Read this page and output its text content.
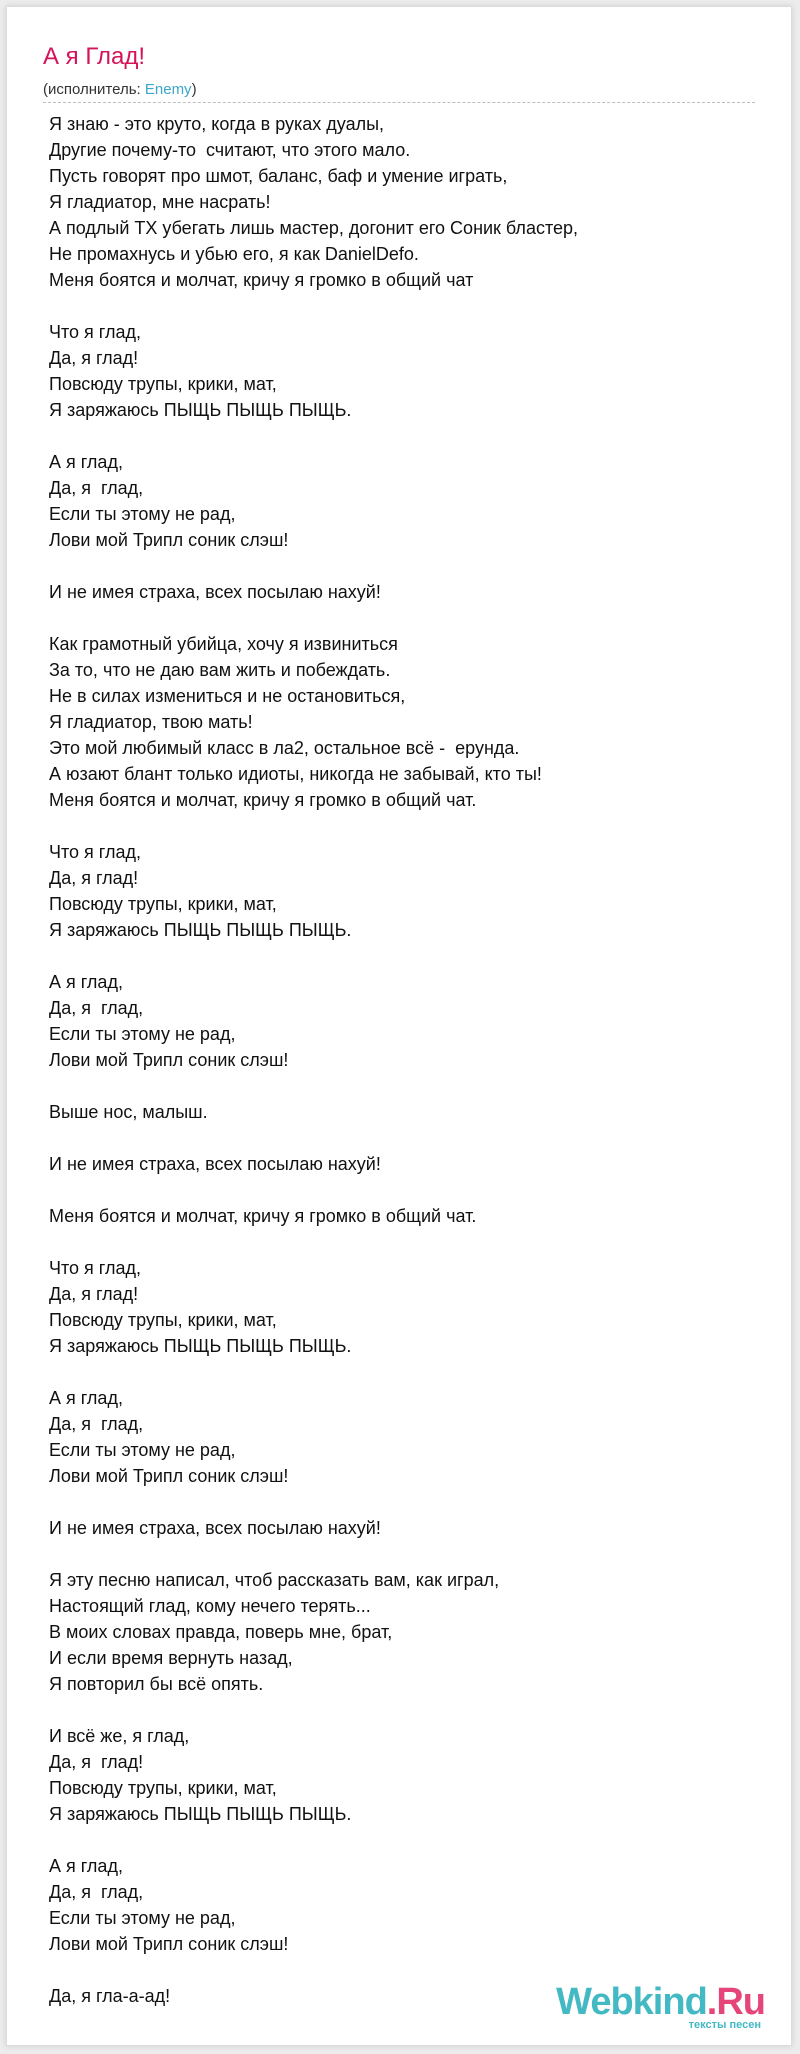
А я Глад!
(исполнитель: Enemy)
Я знаю - это круто, когда в руках дуалы,
Другие почему-то  считают, что этого мало.
Пусть говорят про шмот, баланс, баф и умение играть,
Я гладиатор, мне насрать!
А подлый ТХ убегать лишь мастер, догонит его Соник бластер,
Не промахнусь и убью его, я как DanielDefo.
Меня боятся и молчат, кричу я громко в общий чат
Что я глад,
Да, я глад!
Повсюду трупы, крики, мат,
Я заряжаюсь ПЫЩЬ ПЫЩЬ ПЫЩЬ.
А я глад,
Да, я  глад,
Если ты этому не рад,
Лови мой Трипл соник слэш!
И не имея страха, всех посылаю нахуй!
Как грамотный убийца, хочу я извиниться
За то, что не даю вам жить и побеждать.
Не в силах измениться и не остановиться,
Я гладиатор, твою мать!
Это мой любимый класс в ла2, остальное всё -  ерунда.
А юзают блант только идиоты, никогда не забывай, кто ты!
Меня боятся и молчат, кричу я громко в общий чат.
Что я глад,
Да, я глад!
Повсюду трупы, крики, мат,
Я заряжаюсь ПЫЩЬ ПЫЩЬ ПЫЩЬ.
А я глад,
Да, я  глад,
Если ты этому не рад,
Лови мой Трипл соник слэш!
Выше нос, малыш.
И не имея страха, всех посылаю нахуй!
Меня боятся и молчат, кричу я громко в общий чат.
Что я глад,
Да, я глад!
Повсюду трупы, крики, мат,
Я заряжаюсь ПЫЩЬ ПЫЩЬ ПЫЩЬ.
А я глад,
Да, я  глад,
Если ты этому не рад,
Лови мой Трипл соник слэш!
И не имея страха, всех посылаю нахуй!
Я эту песню написал, чтоб рассказать вам, как играл,
Настоящий глад, кому нечего терять...
В моих словах правда, поверь мне, брат,
И если время вернуть назад,
Я повторил бы всё опять.
И всё же, я глад,
Да, я  глад!
Повсюду трупы, крики, мат,
Я заряжаюсь ПЫЩЬ ПЫЩЬ ПЫЩЬ.
А я глад,
Да, я  глад,
Если ты этому не рад,
Лови мой Трипл соник слэш!
Да, я гла-а-ад!	Webkind.Ru
тексты песен
